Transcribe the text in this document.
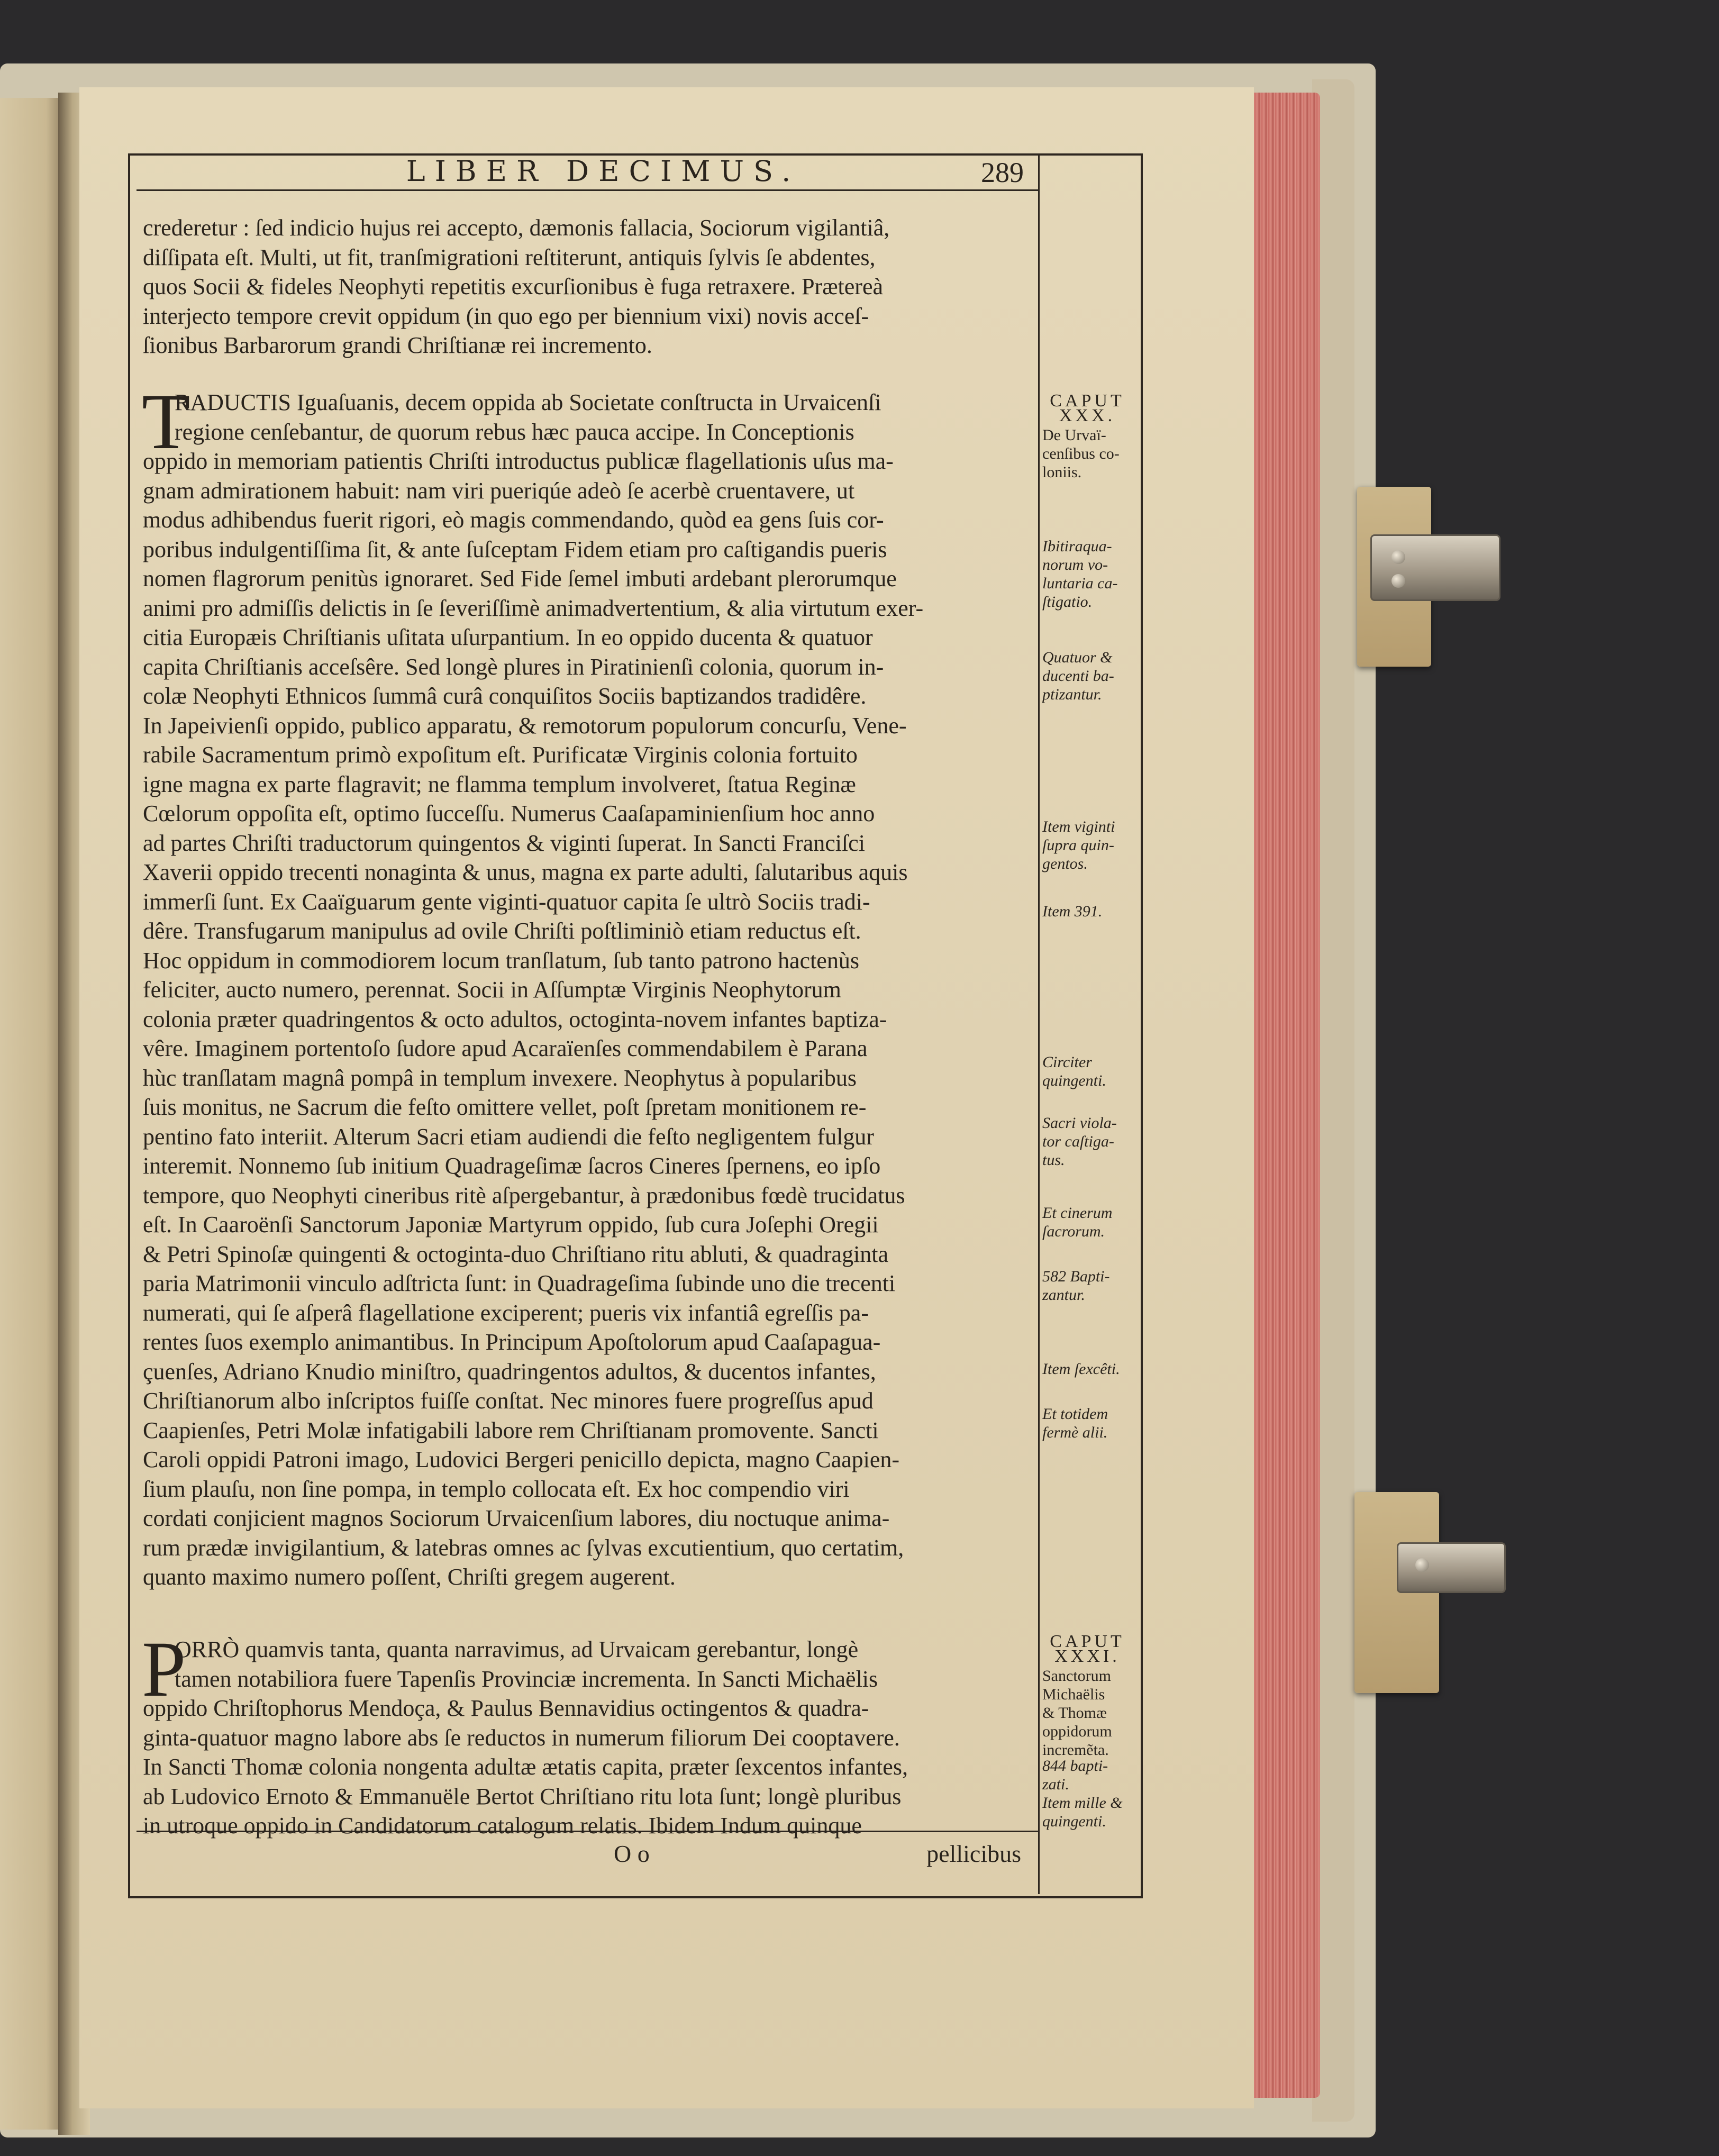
LIBER DECIMUS.	289
crederetur : ſed indicio hujus rei accepto, dæmonis fallacia, Sociorum vigilantiâ,
diſſipata eſt. Multi, ut fit, tranſmigrationi reſtiterunt, antiquis ſylvis ſe abdentes,
quos Socii & fideles Neophyti repetitis excurſionibus è fuga retraxere. Prætereà
interjecto tempore crevit oppidum (in quo ego per biennium vixi) novis acceſ-
ſionibus Barbarorum grandi Chriſtianæ rei incremento.
T
RADUCTIS Iguaſuanis, decem oppida ab Societate conſtructa in Urvaicenſi
regione cenſebantur, de quorum rebus hæc pauca accipe. In Conceptionis
oppido in memoriam patientis Chriſti introductus publicæ flagellationis uſus ma-
gnam admirationem habuit: nam viri pueriqúe adeò ſe acerbè cruentavere, ut
modus adhibendus fuerit rigori, eò magis commendando, quòd ea gens ſuis cor-
poribus indulgentiſſima ſit, & ante ſuſceptam Fidem etiam pro caſtigandis pueris
nomen flagrorum penitùs ignoraret. Sed Fide ſemel imbuti ardebant plerorumque
animi pro admiſſis delictis in ſe ſeveriſſimè animadvertentium, & alia virtutum exer-
citia Europæis Chriſtianis uſitata uſurpantium. In eo oppido ducenta & quatuor
capita Chriſtianis acceſsêre. Sed longè plures in Piratinienſi colonia, quorum in-
colæ Neophyti Ethnicos ſummâ curâ conquiſitos Sociis baptizandos tradidêre.
In Japeivienſi oppido, publico apparatu, & remotorum populorum concurſu, Vene-
rabile Sacramentum primò expoſitum eſt. Purificatæ Virginis colonia fortuito
igne magna ex parte flagravit; ne flamma templum involveret, ſtatua Reginæ
Cœlorum oppoſita eſt, optimo ſucceſſu. Numerus Caaſapaminienſium hoc anno
ad partes Chriſti traductorum quingentos & viginti ſuperat. In Sancti Franciſci
Xaverii oppido trecenti nonaginta & unus, magna ex parte adulti, ſalutaribus aquis
immerſi ſunt. Ex Caaïguarum gente viginti-quatuor capita ſe ultrò Sociis tradi-
dêre. Transfugarum manipulus ad ovile Chriſti poſtliminiò etiam reductus eſt.
Hoc oppidum in commodiorem locum tranſlatum, ſub tanto patrono hactenùs
feliciter, aucto numero, perennat. Socii in Aſſumptæ Virginis Neophytorum
colonia præter quadringentos & octo adultos, octoginta-novem infantes baptiza-
vêre. Imaginem portentoſo ſudore apud Acaraïenſes commendabilem è Parana
hùc tranſlatam magnâ pompâ in templum invexere. Neophytus à popularibus
ſuis monitus, ne Sacrum die feſto omittere vellet, poſt ſpretam monitionem re-
pentino fato interiit. Alterum Sacri etiam audiendi die feſto negligentem fulgur
interemit. Nonnemo ſub initium Quadrageſimæ ſacros Cineres ſpernens, eo ipſo
tempore, quo Neophyti cineribus ritè aſpergebantur, à prædonibus fœdè trucidatus
eſt. In Caaroënſi Sanctorum Japoniæ Martyrum oppido, ſub cura Joſephi Oregii
& Petri Spinoſæ quingenti & octoginta-duo Chriſtiano ritu abluti, & quadraginta
paria Matrimonii vinculo adſtricta ſunt: in Quadrageſima ſubinde uno die trecenti
numerati, qui ſe aſperâ flagellatione exciperent; pueris vix infantiâ egreſſis pa-
rentes ſuos exemplo animantibus. In Principum Apoſtolorum apud Caaſapagua-
çuenſes, Adriano Knudio miniſtro, quadringentos adultos, & ducentos infantes,
Chriſtianorum albo inſcriptos fuiſſe conſtat. Nec minores fuere progreſſus apud
Caapienſes, Petri Molæ infatigabili labore rem Chriſtianam promovente. Sancti
Caroli oppidi Patroni imago, Ludovici Bergeri penicillo depicta, magno Caapien-
ſium plauſu, non ſine pompa, in templo collocata eſt. Ex hoc compendio viri
cordati conjicient magnos Sociorum Urvaicenſium labores, diu noctuque anima-
rum prædæ invigilantium, & latebras omnes ac ſylvas excutientium, quo certatim,
quanto maximo numero poſſent, Chriſti gregem augerent.
P
ORRÒ quamvis tanta, quanta narravimus, ad Urvaicam gerebantur, longè
tamen notabiliora fuere Tapenſis Provinciæ incrementa. In Sancti Michaëlis
oppido Chriſtophorus Mendoça, & Paulus Bennavidius octingentos & quadra-
ginta-quatuor magno labore abs ſe reductos in numerum filiorum Dei cooptavere.
In Sancti Thomæ colonia nongenta adultæ ætatis capita, præter ſexcentos infantes,
ab Ludovico Ernoto & Emmanuële Bertot Chriſtiano ritu lota ſunt; longè pluribus
in utroque oppido in Candidatorum catalogum relatis. Ibidem Indum quinque
CAPUT
XXX.
De Urvaï-
cenſibus co-
loniis.
Ibitiraqua-
norum vo-
luntaria ca-
ſtigatio.
Quatuor &
ducenti ba-
ptizantur.
Item viginti
ſupra quin-
gentos.
Item 391.
Circiter
quingenti.
Sacri viola-
tor caſtiga-
tus.
Et cinerum
ſacrorum.
582 Bapti-
zantur.
Item ſexcêti.
Et totidem
fermè alii.
CAPUT
XXXI.
Sanctorum
Michaëlis
& Thomæ
oppidorum
incremẽta.
844 bapti-
zati.
Item mille &
quingenti.
O o	pellicibus
